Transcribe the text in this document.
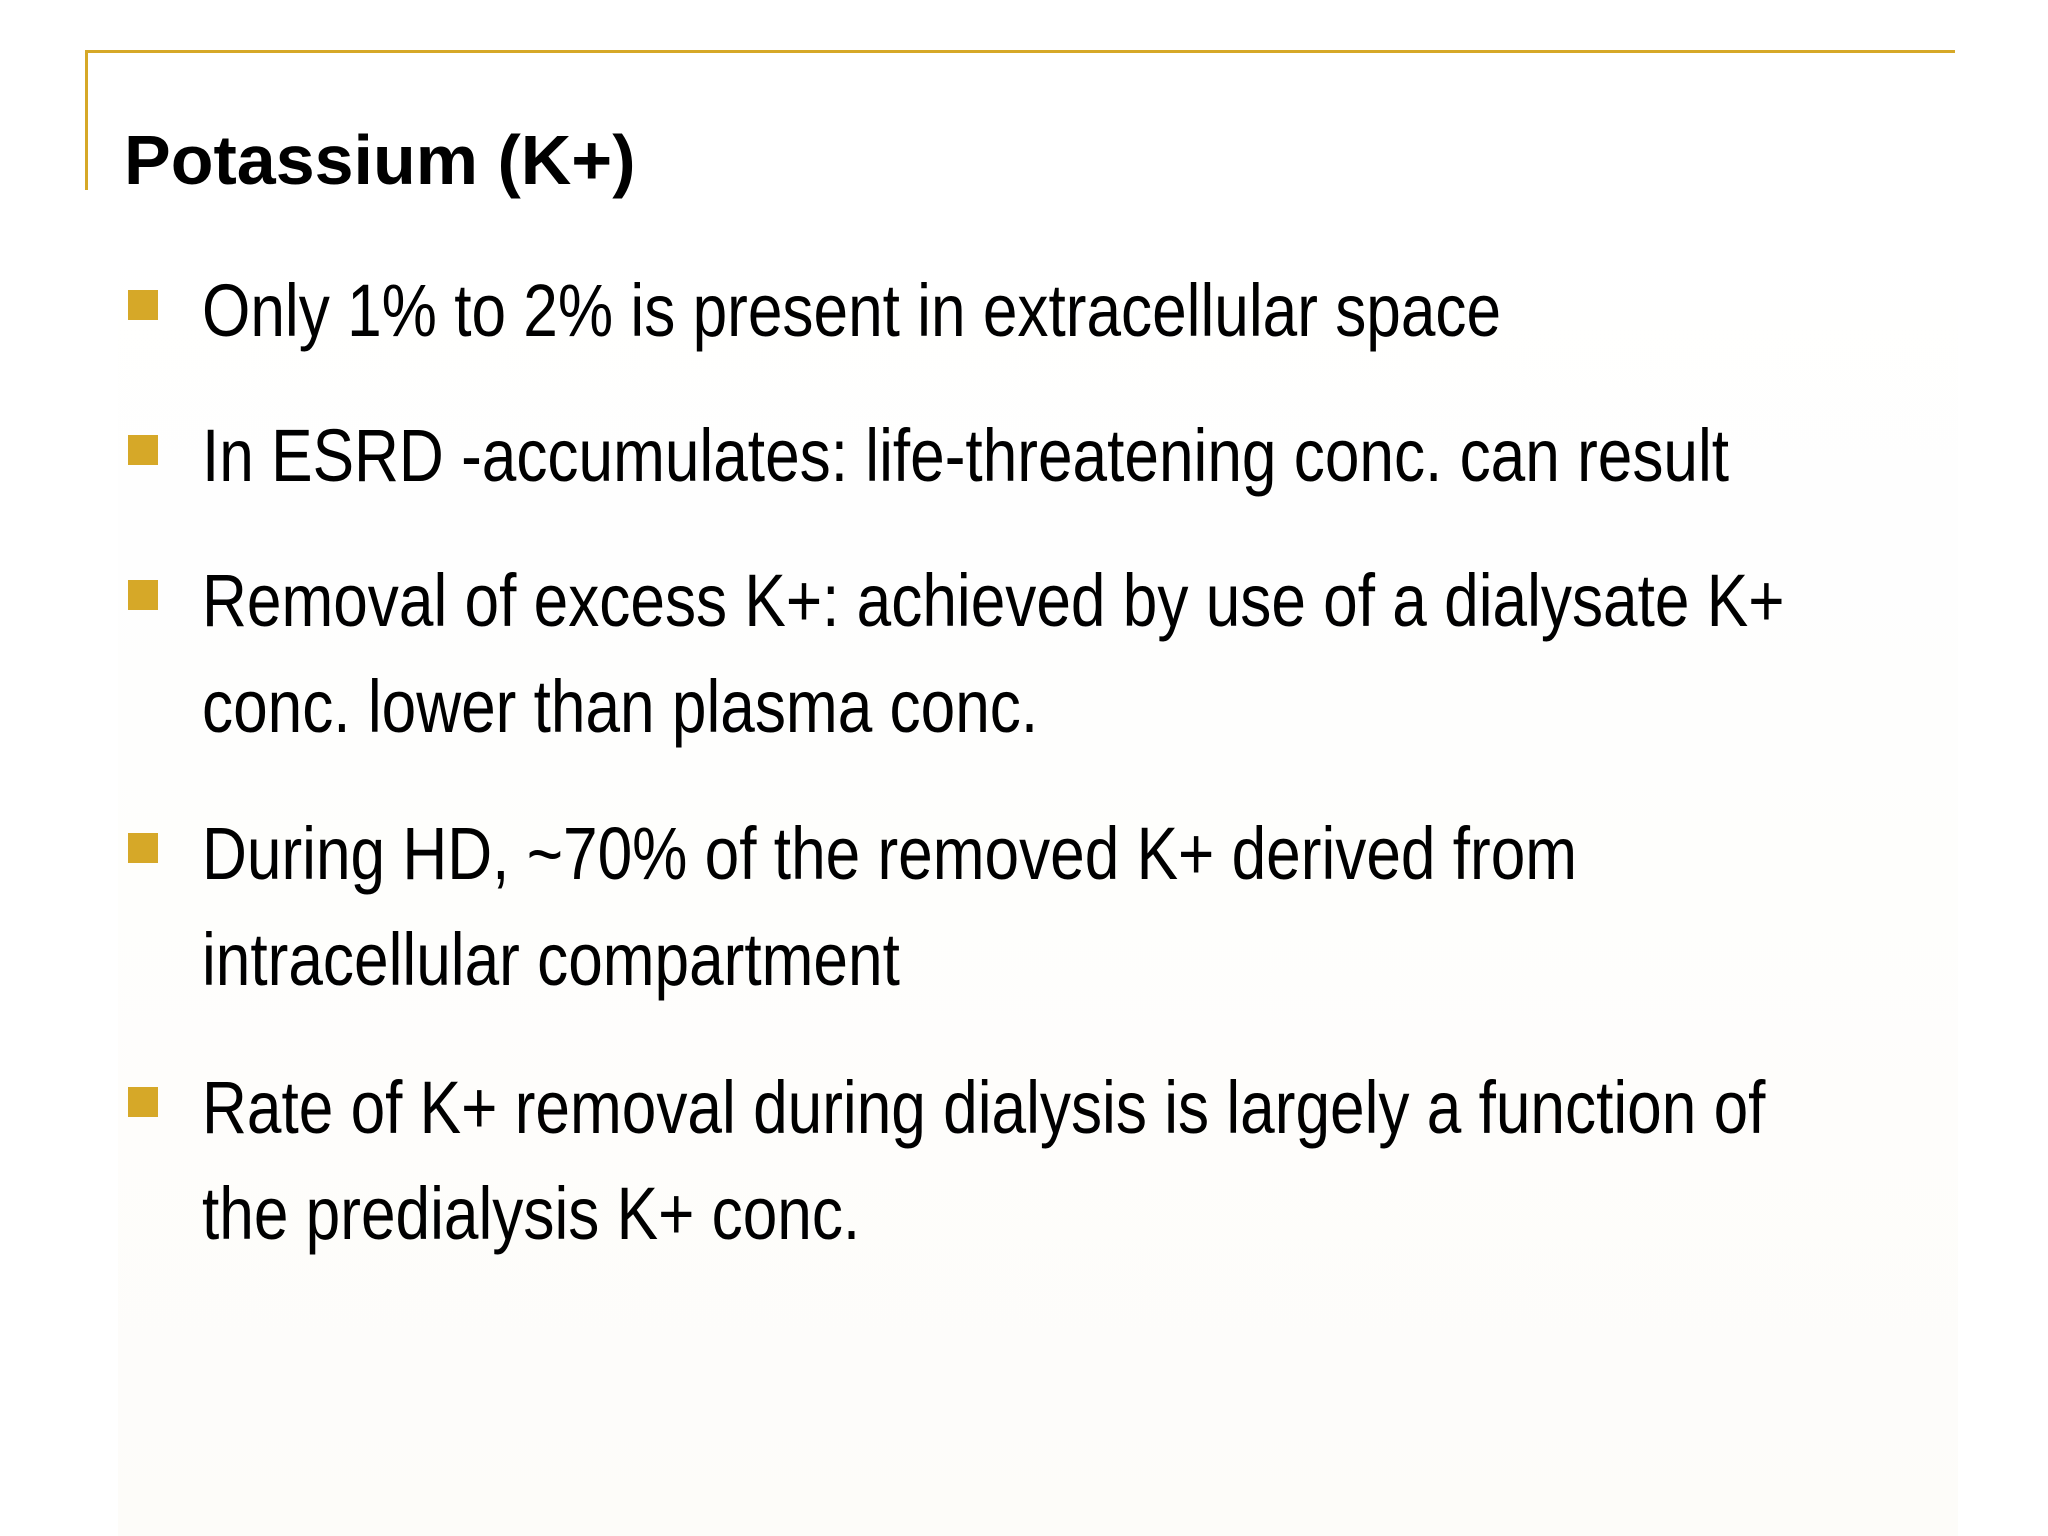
Potassium (K+)
Only 1% to 2% is present in extracellular space
In ESRD -accumulates: life-threatening conc. can result
Removal of excess K+: achieved by use of a dialysate K+
conc. lower than plasma conc.
During HD, ~70% of the removed K+ derived from
intracellular compartment
Rate of K+ removal during dialysis is largely a function of
the predialysis K+ conc.
